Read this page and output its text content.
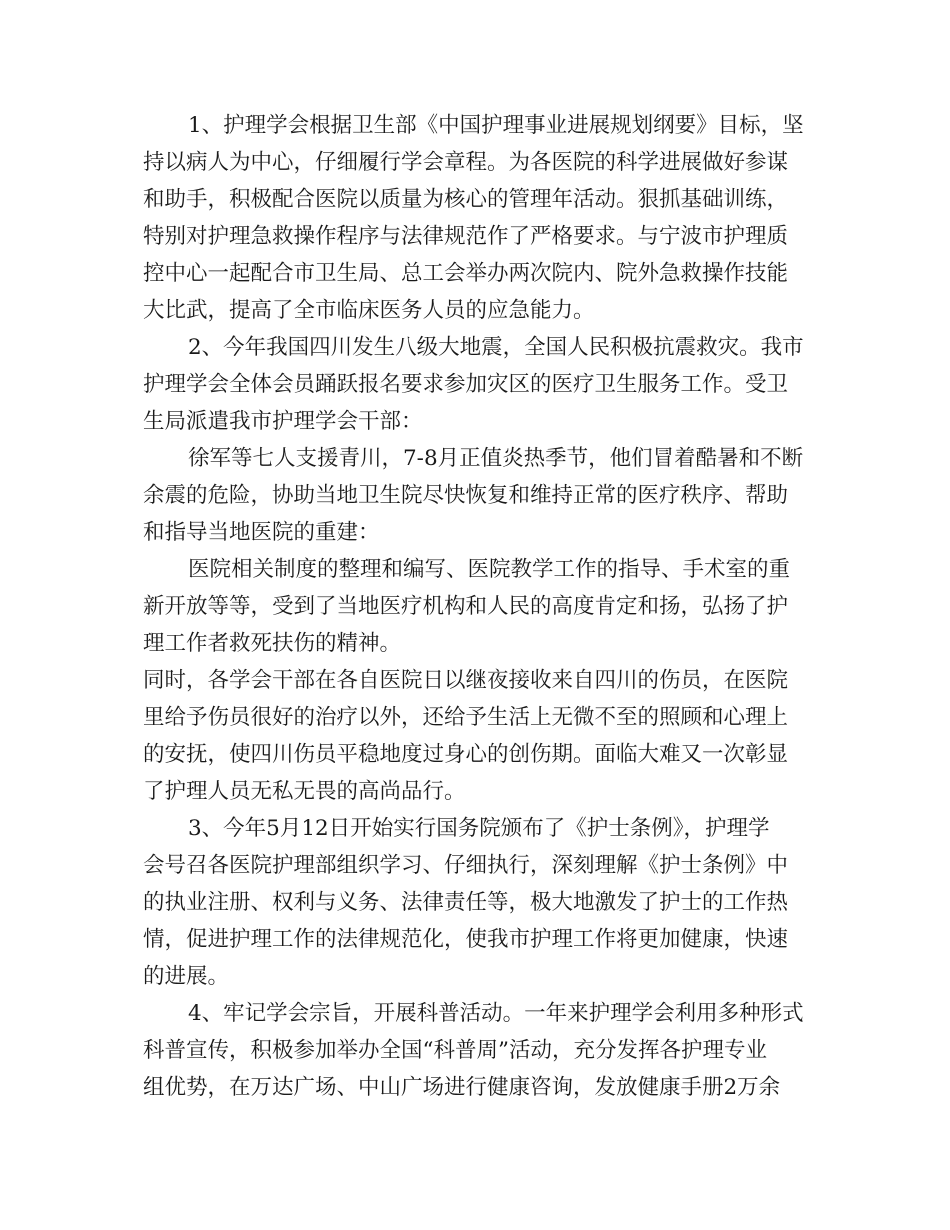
1、护理学会根据卫生部《中国护理事业进展规划纲要》目标，坚
持以病人为中心，仔细履行学会章程。为各医院的科学进展做好参谋
和助手，积极配合医院以质量为核心的管理年活动。狠抓基础训练，
特别对护理急救操作程序与法律规范作了严格要求。与宁波市护理质
控中心一起配合市卫生局、总工会举办两次院内、院外急救操作技能
大比武，提高了全市临床医务人员的应急能力。
2、今年我国四川发生八级大地震，全国人民积极抗震救灾。我市
护理学会全体会员踊跃报名要求参加灾区的医疗卫生服务工作。受卫
生局派遣我市护理学会干部：
徐军等七人支援青川，7-8月正值炎热季节，他们冒着酷暑和不断
余震的危险，协助当地卫生院尽快恢复和维持正常的医疗秩序、帮助
和指导当地医院的重建：
医院相关制度的整理和编写、医院教学工作的指导、手术室的重
新开放等等，受到了当地医疗机构和人民的高度肯定和扬，弘扬了护
理工作者救死扶伤的精神。
同时，各学会干部在各自医院日以继夜接收来自四川的伤员，在医院
里给予伤员很好的治疗以外，还给予生活上无微不至的照顾和心理上
的安抚，使四川伤员平稳地度过身心的创伤期。面临大难又一次彰显
了护理人员无私无畏的高尚品行。
3、今年5月12日开始实行国务院颁布了《护士条例》，护理学
会号召各医院护理部组织学习、仔细执行，深刻理解《护士条例》中
的执业注册、权利与义务、法律责任等，极大地激发了护士的工作热
情，促进护理工作的法律规范化，使我市护理工作将更加健康，快速
的进展。
4、牢记学会宗旨，开展科普活动。一年来护理学会利用多种形式
科普宣传，积极参加举办全国“科普周”活动，充分发挥各护理专业
组优势，在万达广场、中山广场进行健康咨询，发放健康手册2万余
